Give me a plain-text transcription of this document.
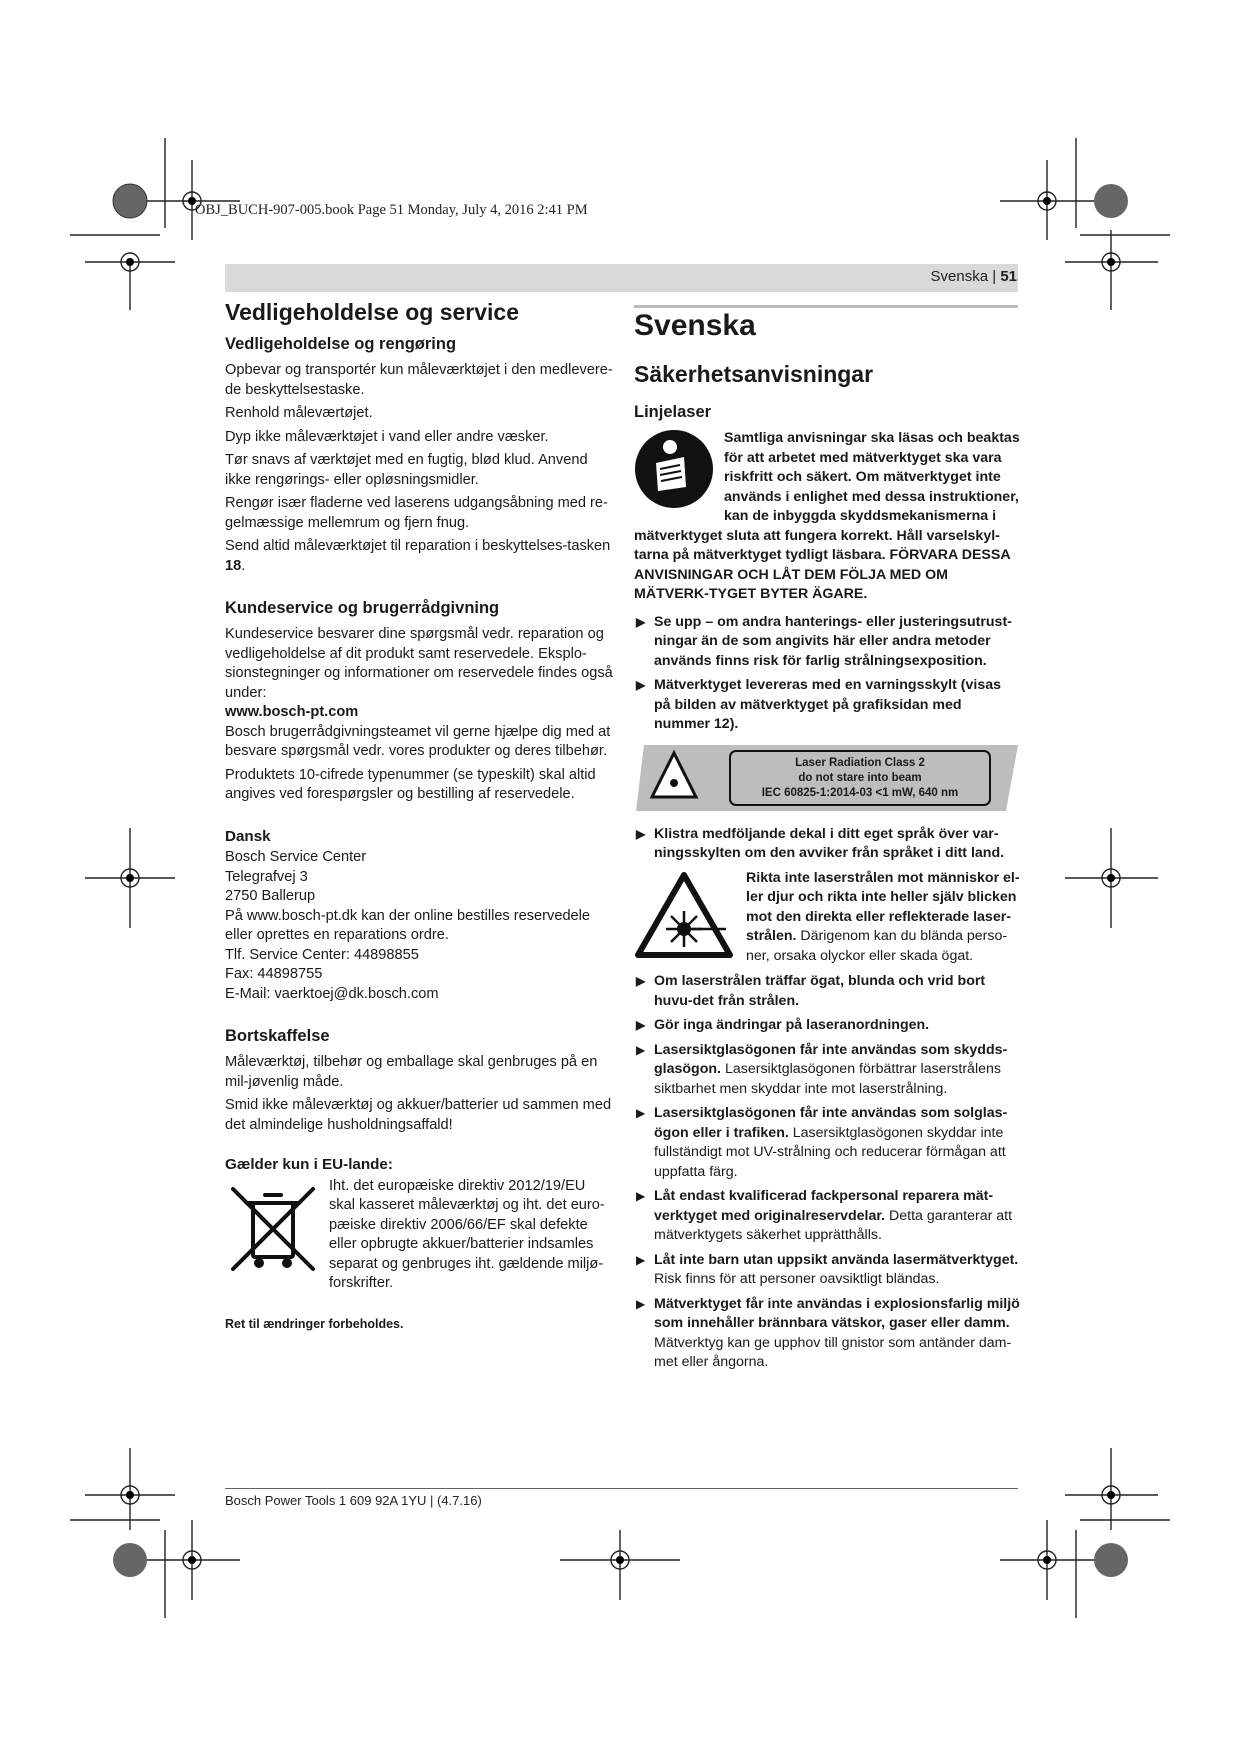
OBJ_BUCH-907-005.book Page 51 Monday, July 4, 2016 2:41 PM
Svenska | 51
Vedligeholdelse og service
Vedligeholdelse og rengøring

Opbevar og transportér kun måleværktøjet i den medlevere-de beskyttelsestaske.

Renhold måleværtøjet.

Dyp ikke måleværktøjet i vand eller andre væsker.

Tør snavs af værktøjet med en fugtig, blød klud. Anvend ikke rengørings- eller opløsningsmidler.

Rengør især fladerne ved laserens udgangsåbning med re-gelmæssige mellemrum og fjern fnug.

Send altid måleværktøjet til reparation i beskyttelses-tasken 18.

Kundeservice og brugerrådgivning

Kundeservice besvarer dine spørgsmål vedr. reparation og vedligeholdelse af dit produkt samt reservedele. Eksplo-sionstegninger og informationer om reservedele findes også under:
www.bosch-pt.com

Bosch brugerrådgivningsteamet vil gerne hjælpe dig med at besvare spørgsmål vedr. vores produkter og deres tilbehør.

Produktets 10-cifrede typenummer (se typeskilt) skal altid angives ved forespørgsler og bestilling af reservedele.

Dansk
Bosch Service Center
Telegrafvej 3
2750 Ballerup
På www.bosch-pt.dk kan der online bestilles reservedele eller oprettes en reparations ordre.
Tlf. Service Center: 44898855
Fax: 44898755
E-Mail: vaerktoej@dk.bosch.com
Bortskaffelse

Måleværktøj, tilbehør og emballage skal genbruges på en mil-jøvenlig måde.

Smid ikke måleværktøj og akkuer/batterier ud sammen med det almindelige husholdningsaffald!

Gælder kun i EU-lande:
Iht. det europæiske direktiv 2012/19/EU skal kasseret måleværktøj og iht. det euro-pæiske direktiv 2006/66/EF skal defekte eller opbrugte akkuer/batterier indsamles separat og genbruges iht. gældende miljø-forskrifter.
Ret til ændringer forbeholdes.
Svenska
Säkerhetsanvisningar
Linjelaser
Samtliga anvisningar ska läsas och beaktas för att arbetet med mätverktyget ska vara riskfritt och säkert. Om mätverktyget inte används i enlighet med dessa instruktioner, kan de inbyggda skyddsmekanismerna i mätverktyget sluta att fungera korrekt. Håll varselskyl-tarna på mätverktyget tydligt läsbara. FÖRVARA DESSA ANVISNINGAR OCH LÅT DEM FÖLJA MED OM MÄTVERK-TYGET BYTER ÄGARE.
▶ Se upp – om andra hanterings- eller justeringsutrust-ningar än de som angivits här eller andra metoder används finns risk för farlig strålningsexposition.
▶ Mätverktyget levereras med en varningsskylt (visas på bilden av mätverktyget på grafiksidan med nummer 12).
Laser Radiation Class 2
do not stare into beam
IEC 60825-1:2014-03 <1 mW, 640 nm
▶ Klistra medföljande dekal i ditt eget språk över var-ningsskylten om den avviker från språket i ditt land.
Rikta inte laserstrålen mot människor el-ler djur och rikta inte heller själv blicken mot den direkta eller reflekterade laser-strålen. Därigenom kan du blända perso-ner, orsaka olyckor eller skada ögat.
▶ Om laserstrålen träffar ögat, blunda och vrid bort huvu-det från strålen.
▶ Gör inga ändringar på laseranordningen.
▶ Lasersiktglasögonen får inte användas som skydds-glasögon. Lasersiktglasögonen förbättrar laserstrålens siktbarhet men skyddar inte mot laserstrålning.
▶ Lasersiktglasögonen får inte användas som solglas-ögon eller i trafiken. Lasersiktglasögonen skyddar inte fullständigt mot UV-strålning och reducerar förmågan att uppfatta färg.
▶ Låt endast kvalificerad fackpersonal reparera mät-verktyget med originalreservdelar. Detta garanterar att mätverktygets säkerhet upprätthålls.
▶ Låt inte barn utan uppsikt använda lasermätverktyget. Risk finns för att personer oavsiktligt bländas.
▶ Mätverktyget får inte användas i explosionsfarlig miljö som innehåller brännbara vätskor, gaser eller damm. Mätverktyg kan ge upphov till gnistor som antänder dam-met eller ångorna.
Bosch Power Tools 1 609 92A 1YU | (4.7.16)
